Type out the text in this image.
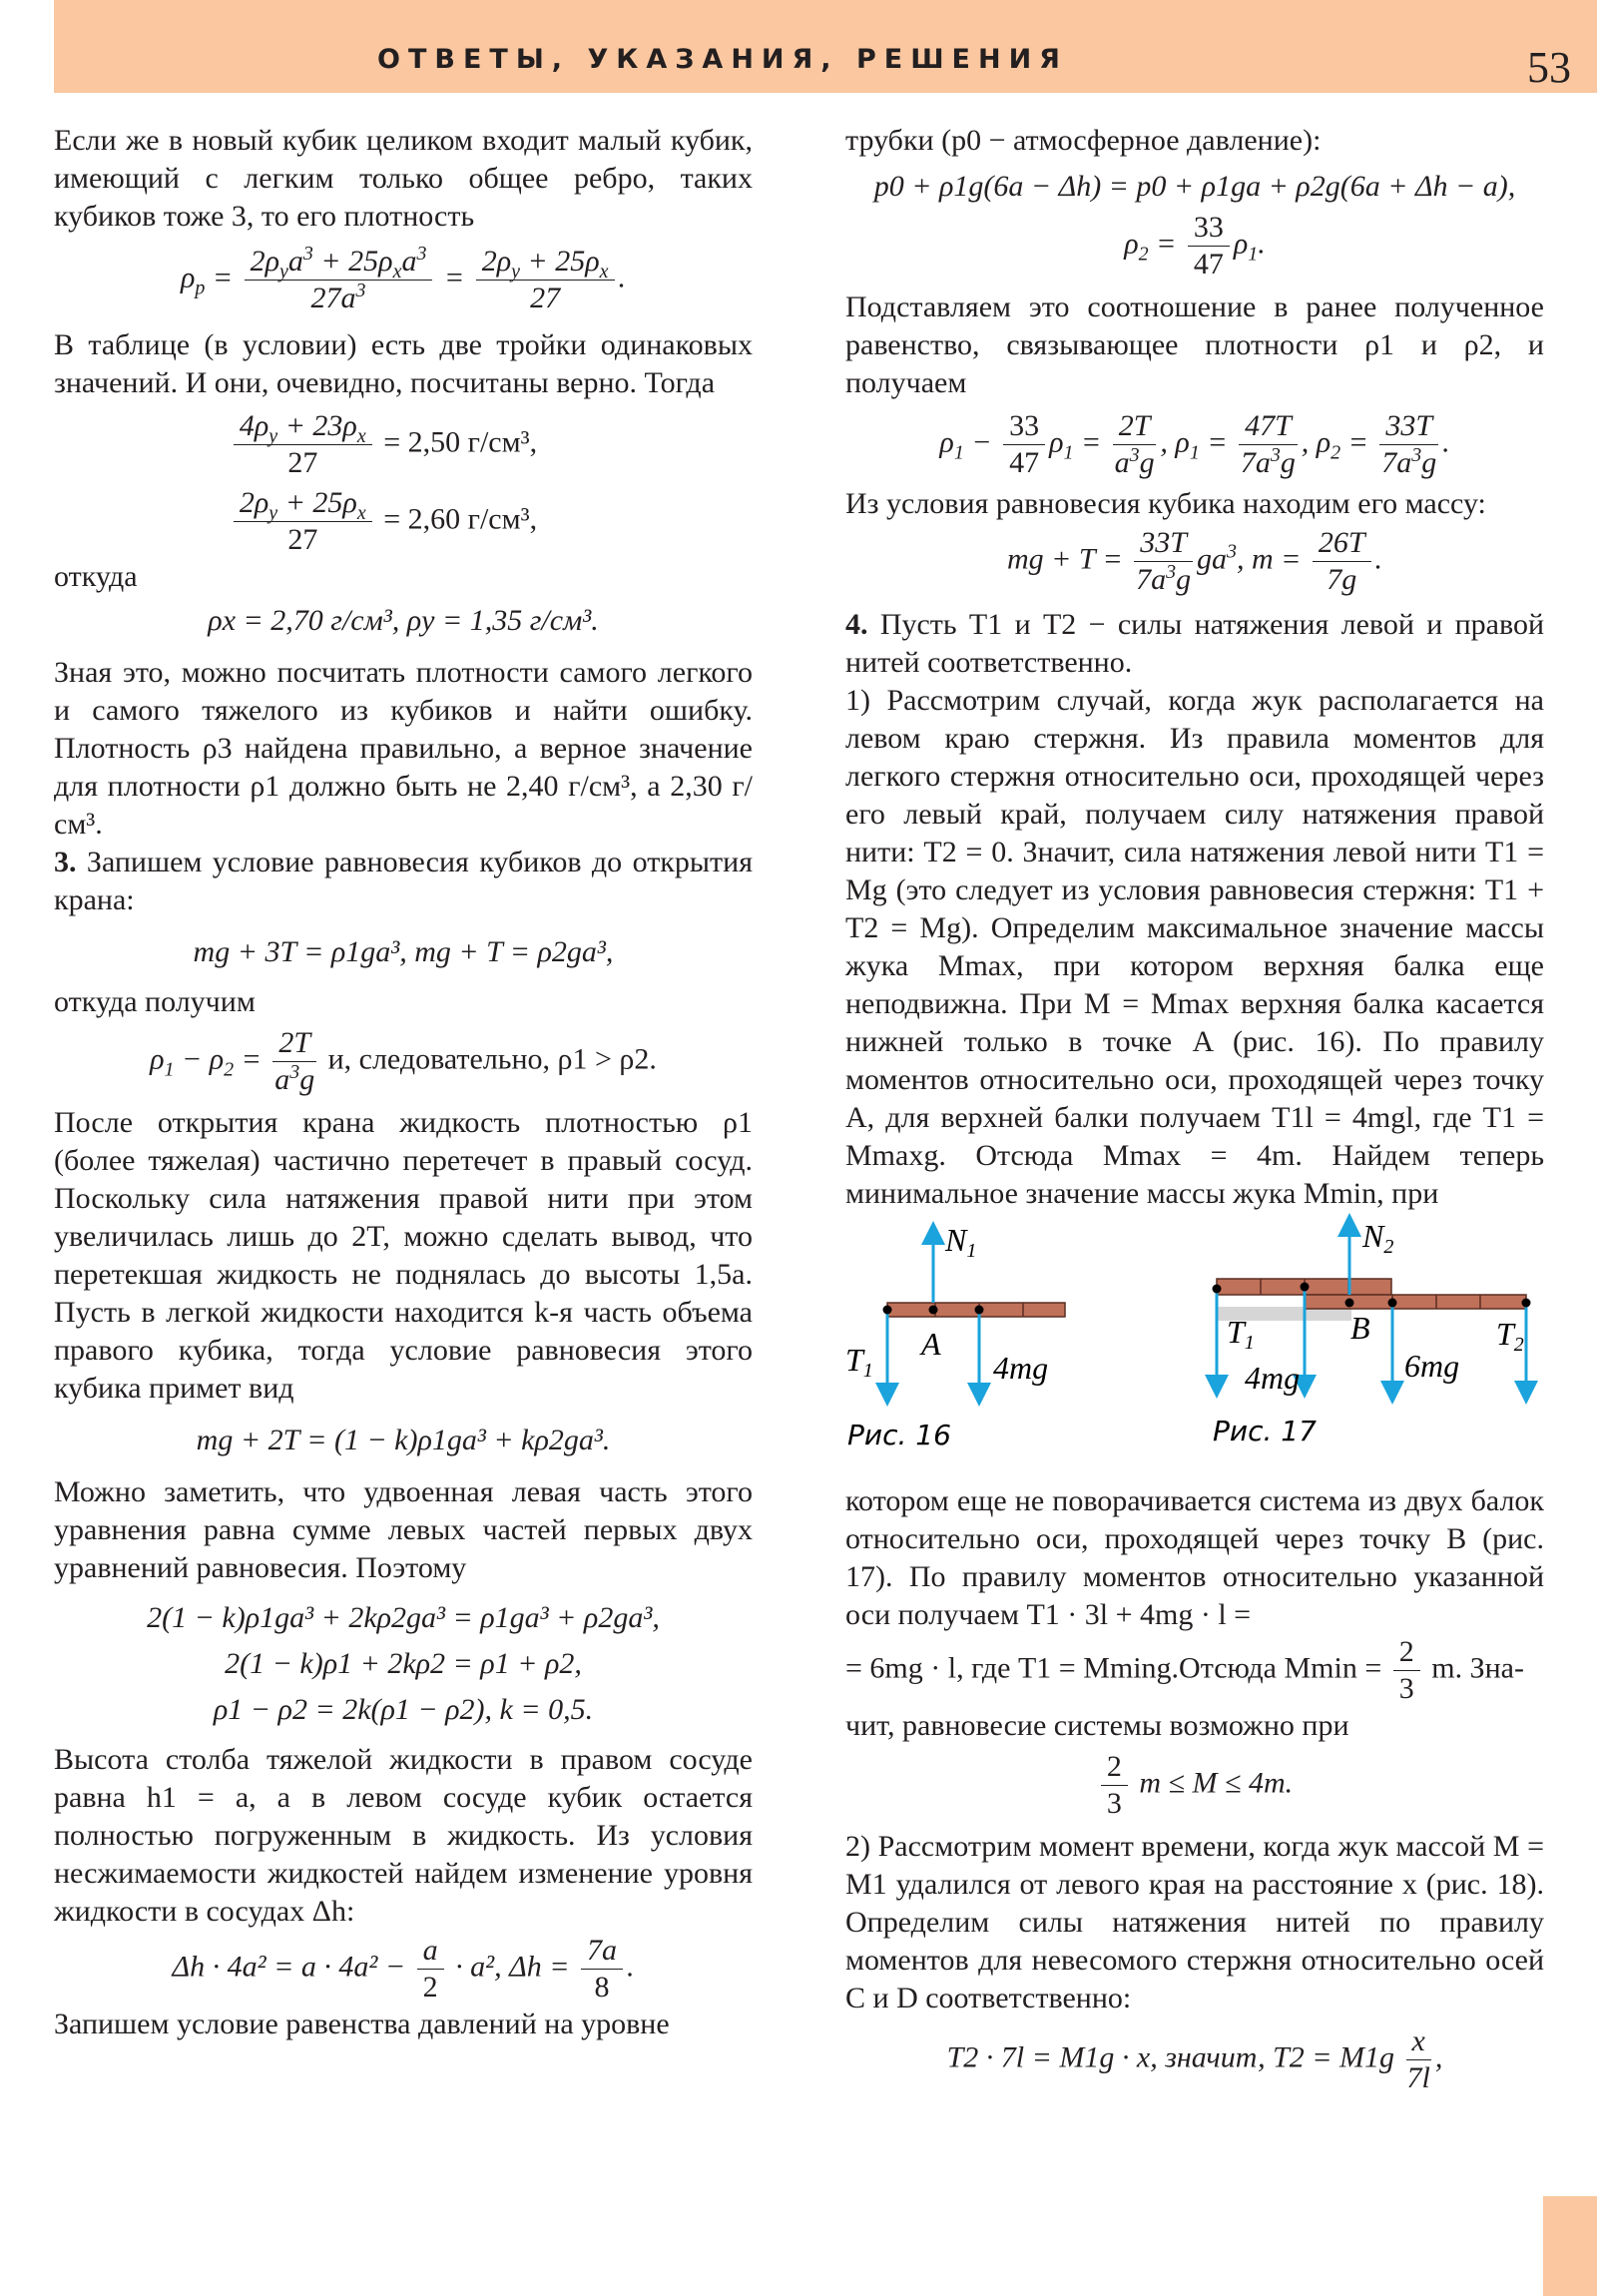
ОТВЕТЫ, УКАЗАНИЯ, РЕШЕНИЯ	53
Если же в новый кубик целиком входит малый кубик, имеющий с легким только общее ребро, таких кубиков тоже 3, то его плотность
$\rho_р = 2\rho_ya^3 + 25\rho_xa^3$
$27a^3$	= $\frac{2\rho_y + 25\rho_x}{27}$ .
В таблице (в условии) есть две тройки одинаковых значений. И они, очевидно, посчитаны верно. Тогда
$\frac{4\rho_y + 23\rho_x}{27} = 2,50$ г/см³,
$\frac{2\rho_y + 25\rho_x}{27} = 2,60$ г/см³,
откуда
ρx = 2,70 г/см³, ρy = 1,35 г/см³.
Зная это, можно посчитать плотности самого легкого и самого тяжелого из кубиков и найти ошибку. Плотность ρ3 найдена правильно, а верное значение для плотности ρ1 должно быть не 2,40 г/см³, а 2,30 г/см³.
3. Запишем условие равновесия кубиков до открытия крана:
mg + 3T = ρ1ga³, mg + T = ρ2ga³,
откуда получим
$\rho_1 - \rho_2 = \frac{2T}{a^3g} и$, следовательно, ρ1 > ρ2.
После открытия крана жидкость плотностью ρ1 (более тяжелая) частично перетечет в правый сосуд. Поскольку сила натяжения правой нити при этом увеличилась лишь до 2T, можно сделать вывод, что перетекшая жидкость не поднялась до высоты 1,5a. Пусть в легкой жидкости находится k-я часть объема правого кубика, тогда условие равновесия этого кубика примет вид
mg + 2T = (1 − k)ρ1ga³ + kρ2ga³.
Можно заметить, что удвоенная левая часть этого уравнения равна сумме левых частей первых двух уравнений равновесия. Поэтому
2(1 − k)ρ1ga³ + 2kρ2ga³ = ρ1ga³ + ρ2ga³,
2(1 − k)ρ1 + 2kρ2 = ρ1 + ρ2,
ρ1 − ρ2 = 2k(ρ1 − ρ2), k = 0,5.
Высота столба тяжелой жидкости в правом сосуде равна h1 = a, а в левом сосуде кубик остается полностью погруженным в жидкость. Из условия несжимаемости жидкостей найдем изменение уровня жидкости в сосудах Δh:
$\Delta h \cdot 4a^2 = a \cdot 4a^2 - \frac{a}{2} \cdot a^2$, $\Delta h = \frac{7a}{8}$ .
Запишем условие равенства давлений на уровне
трубки (p0 − атмосферное давление):
p0 + ρ1g(6a − Δh) = p0 + ρ1ga + ρ2g(6a + Δh − a),
$\rho_2 = \frac{33}{47} \rho_1$.
Подставляем это соотношение в ранее полученное равенство, связывающее плотности ρ1 и ρ2, и получаем
$\rho_1 - \frac{33}{47} \rho_1 = \frac{2T}{a^3g}$ , $\rho_1 = \frac{47T}{7a^3g}$ , $\rho_2 = \frac{33T}{7a^3g}$ .
Из условия равновесия кубика находим его массу:
mg + $T = \frac{33T}{7a^3g} ga^3$, $m = \frac{26T}{7g}$ .
4. Пусть T1 и T2 − силы натяжения левой и правой нитей соответственно.
1) Рассмотрим случай, когда жук располагается на левом краю стержня. Из правила моментов для легкого стержня относительно оси, проходящей через его левый край, получаем силу натяжения правой нити: T2 = 0. Значит, сила натяжения левой нити T1 = Mg (это следует из условия равновесия стержня: T1 + T2 = Mg). Определим максимальное значение массы жука Mmax, при котором верхняя балка еще неподвижна. При M = Mmax верхняя балка касается нижней только в точке A (рис. 16). По правилу моментов относительно оси, проходящей через точку A, для верхней балки получаем T1l = 4mgl, где T1 = Mmaxg. Отсюда Mmax = 4m. Найдем теперь минимальное значение массы жука Mmin, при
N1
A
T1	4mg
Рис. 16
N2
B
T1	T2
4mg	6mg
Рис. 17
котором еще не поворачивается система из двух балок относительно оси, проходящей через точку B (рис. 17). По правилу моментов относительно указанной оси получаем T1 · 3l + 4mg · l =
= 6mg · l, где T1 = Mming.Отсюда $Mmin = \frac{2}{3} m$. Зна-
чит, равновесие системы возможно при
$\frac{2}{3}$ m ≤ M ≤ 4m.
2) Рассмотрим момент времени, когда жук массой M = M1 удалился от левого края на расстояние x (рис. 18). Определим силы натяжения нитей по правилу моментов для невесомого стержня относительно осей C и D соответственно:
T2 · 7l = M1g · x, значит, $T2 = M1g \frac{x}{7l}$ ,
